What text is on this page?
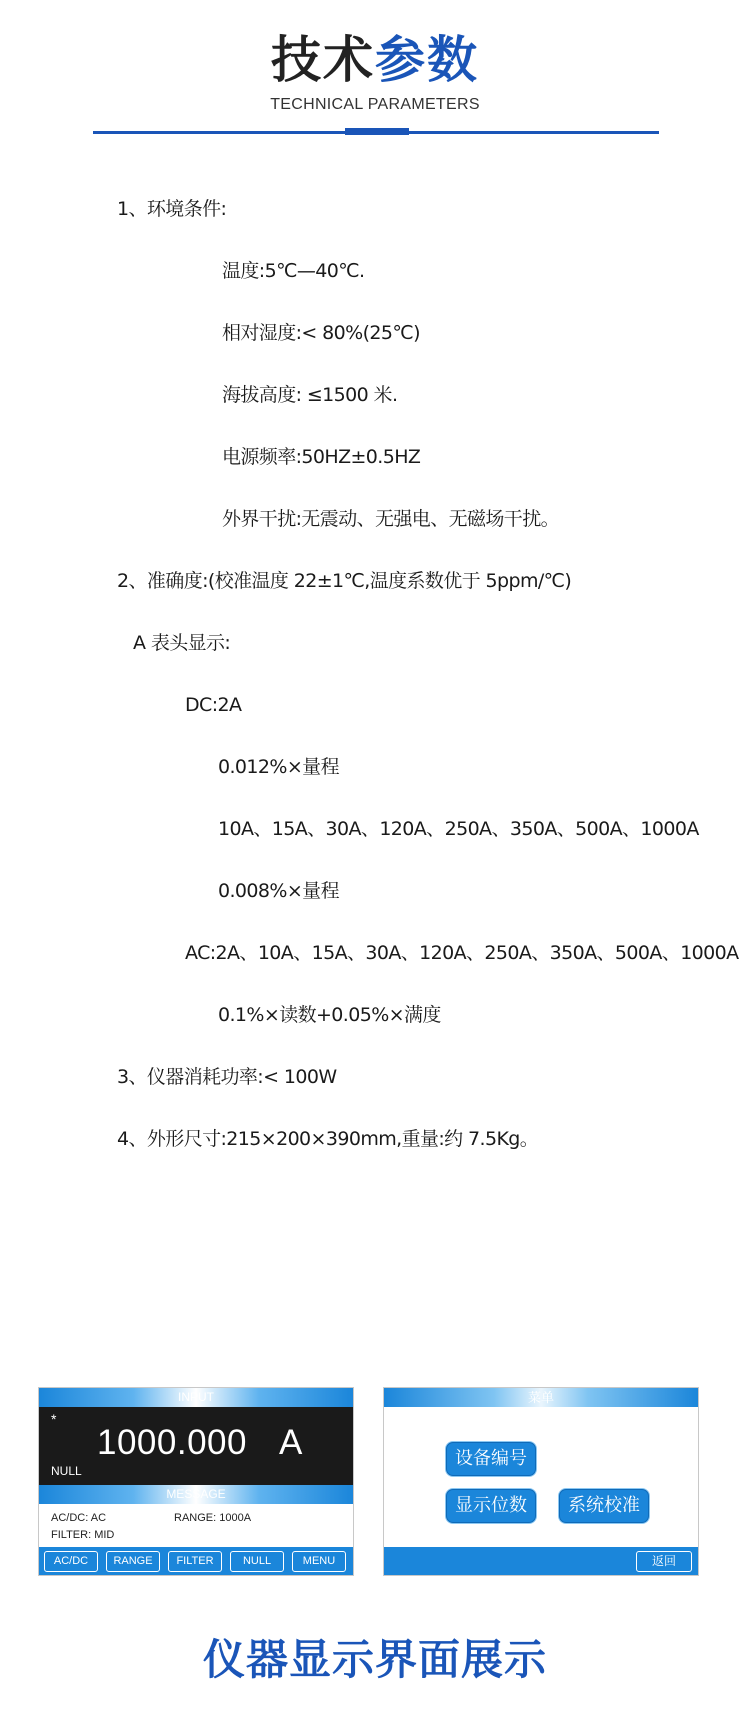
技术参数
TECHNICAL PARAMETERS
1、环境条件:
温度:5℃—40℃.
相对湿度:< 80%(25℃)
海拔高度: ≤1500 米.
电源频率:50HZ±0.5HZ
外界干扰:无震动、无强电、无磁场干扰。
2、准确度:(校准温度 22±1℃,温度系数优于 5ppm/℃)
A 表头显示:
DC:2A
0.012%×量程
10A、15A、30A、120A、250A、350A、500A、1000A
0.008%×量程
AC:2A、10A、15A、30A、120A、250A、350A、500A、1000A
0.1%×读数+0.05%×满度
3、仪器消耗功率:< 100W
4、外形尺寸:215×200×390mm,重量:约 7.5Kg。
INPUT
*
1000.000 A
NULL
MESSAGE
AC/DC: AC	RANGE: 1000A
FILTER: MID
AC/DC	RANGE	FILTER	NULL	MENU
菜单
设备编号
显示位数	系统校准
返回
仪器显示界面展示
